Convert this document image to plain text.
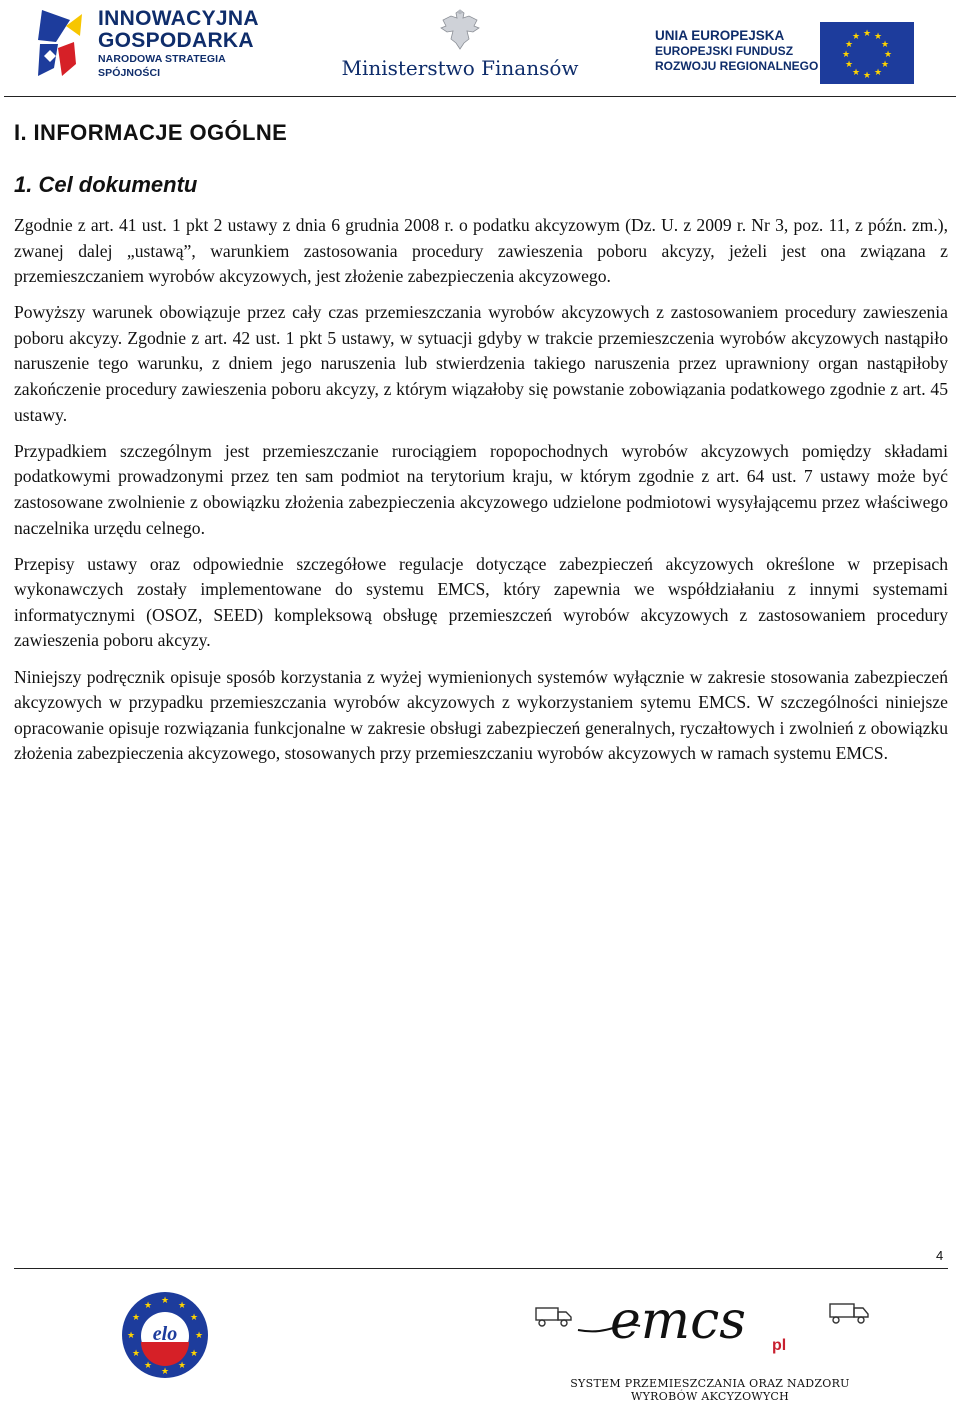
INNOWACYJNA
GOSPODARKA
NARODOWA STRATEGIA SPÓJNOŚCI	Ministerstwo Finansów
UNIA EUROPEJSKA
EUROPEJSKI FUNDUSZ
ROZWOJU REGIONALNEGO
★ ★
★
★
★
★
★
★
★
★
★
★
I. INFORMACJE OGÓLNE
1. Cel dokumentu

Zgodnie z art. 41 ust. 1 pkt 2 ustawy z dnia 6 grudnia 2008 r. o podatku akcyzowym (Dz. U. z 2009 r. Nr 3, poz. 11, z późn. zm.), zwanej dalej „ustawą”, warunkiem zastosowania procedury zawieszenia poboru akcyzy, jeżeli jest ona związana z przemieszczaniem wyrobów akcyzowych, jest złożenie zabezpieczenia akcyzowego.

Powyższy warunek obowiązuje przez cały czas przemieszczania wyrobów akcyzowych z zastosowaniem procedury zawieszenia poboru akcyzy. Zgodnie z art. 42 ust. 1 pkt 5 ustawy, w sytuacji gdyby w trakcie przemieszczenia wyrobów akcyzowych nastąpiło naruszenie tego warunku, z dniem jego naruszenia lub stwierdzenia takiego naruszenia przez uprawniony organ nastąpiłoby zakończenie procedury zawieszenia poboru akcyzy, z którym wiązałoby się powstanie zobowiązania podatkowego zgodnie z art. 45 ustawy.

Przypadkiem szczególnym jest przemieszczanie rurociągiem ropopochodnych wyrobów akcyzowych pomiędzy składami podatkowymi prowadzonymi przez ten sam podmiot na terytorium kraju, w którym zgodnie z art. 64 ust. 7 ustawy może być zastosowane zwolnienie z obowiązku złożenia zabezpieczenia akcyzowego udzielone podmiotowi wysyłającemu przez właściwego naczelnika urzędu celnego.

Przepisy ustawy oraz odpowiednie szczegółowe regulacje dotyczące zabezpieczeń akcyzowych określone w przepisach wykonawczych zostały implementowane do systemu EMCS, który zapewnia we współdziałaniu z innymi systemami informatycznymi (OSOZ, SEED) kompleksową obsługę przemieszczeń wyrobów akcyzowych z zastosowaniem procedury zawieszenia poboru akcyzy.

Niniejszy podręcznik opisuje sposób korzystania z wyżej wymienionych systemów wyłącznie w zakresie stosowania zabezpieczeń akcyzowych w przypadku przemieszczania wyrobów akcyzowych z wykorzystaniem sytemu EMCS. W szczególności niniejsze opracowanie opisuje rozwiązania funkcjonalne w zakresie obsługi zabezpieczeń generalnych, ryczałtowych i zwolnień z obowiązku złożenia zabezpieczenia akcyzowego, stosowanych przy przemieszczaniu wyrobów akcyzowych w ramach systemu EMCS.

4
★ ★
★
★
★
★
★
★
★
★
★
★
elo	emcs pl
SYSTEM PRZEMIESZCZANIA ORAZ NADZORU
WYROBÓW AKCYZOWYCH
